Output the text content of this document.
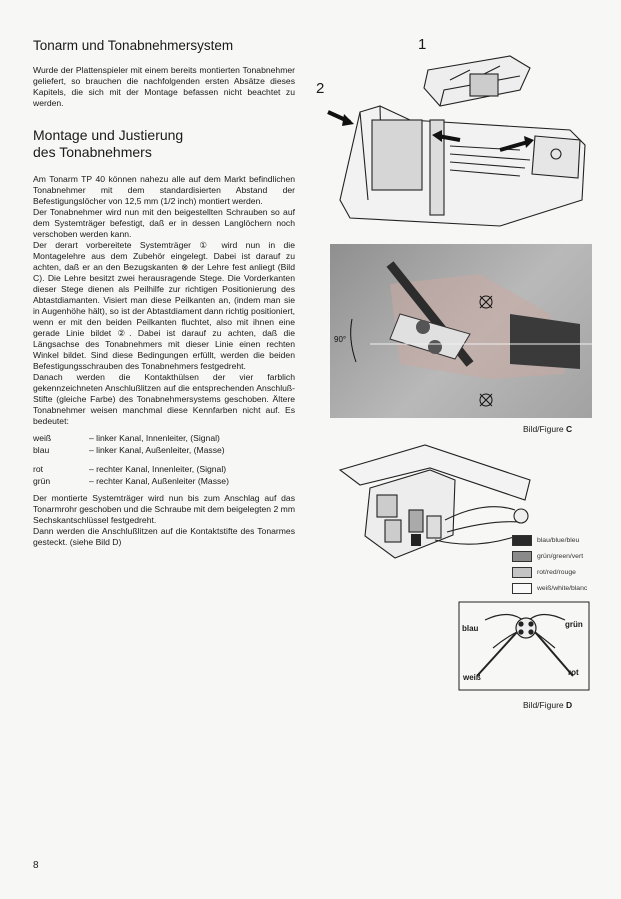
Tonarm und Tonabnehmersystem

Wurde der Plattenspieler mit einem bereits montierten Tonabnehmer geliefert, so brauchen die nachfolgenden ersten Absätze dieses Kapitels, die sich mit der Montage befassen nicht beachtet zu werden.

Montage und Justierung
des Tonabnehmers

Am Tonarm TP 40 können nahezu alle auf dem Markt befindlichen Tonabnehmer mit dem standardisierten Abstand der Befestigungslöcher von 12,5 mm (1/2 inch) montiert werden.

Der Tonabnehmer wird nun mit den beigestellten Schrauben so auf dem Systemträger befestigt, daß er in dessen Langlöchern noch verschoben werden kann.

Der derart vorbereitete Systemträger ① wird nun in die Montagelehre aus dem Zubehör eingelegt. Dabei ist darauf zu achten, daß er an den Bezugskanten ⊗ der Lehre fest anliegt (Bild C). Die Lehre besitzt zwei herausragende Stege. Die Vorderkanten dieser Stege dienen als Peilhilfe zur richtigen Positionierung des Abtastdiamanten. Visiert man diese Peilkanten an, (indem man sie in Augenhöhe hält), so ist der Abtastdiament dann richtig positioniert, wenn er mit den beiden Peilkanten fluchtet, also mit ihnen eine gerade Linie bildet ②. Dabei ist darauf zu achten, daß die Längsachse des Tonabnehmers mit dieser Linie einen rechten Winkel bildet. Sind diese Bedingungen erfüllt, werden die beiden Befestigungsschrauben des Tonabnehmers festgedreht.

Danach werden die Kontakthülsen der vier farblich gekennzeichneten Anschlußlitzen auf die entsprechenden Anschluß-Stifte (gleiche Farbe) des Tonabnehmersystems geschoben. Ältere Tonabnehmer weisen manchmal diese Kennfarben nicht auf. Es bedeutet:

weiß	– linker Kanal, Innenleiter, (Signal)
blau	– linker Kanal, Außenleiter, (Masse)
rot	– rechter Kanal, Innenleiter, (Signal)
grün	– rechter Kanal, Außenleiter (Masse)

Der montierte Systemträger wird nun bis zum Anschlag auf das Tonarmrohr geschoben und die Schraube mit dem beigelegten 2 mm Sechskantschlüssel festgedreht.

Dann werden die Anschlußlitzen auf die Kontaktstifte des Tonarmes gesteckt. (siehe Bild D)

8
1
2
90°
Bild/Figure C
blau/blue/bleu
grün/green/vert
rot/red/rouge
weiß/white/blanc
blau	grün
weiß
rot
Bild/Figure D
